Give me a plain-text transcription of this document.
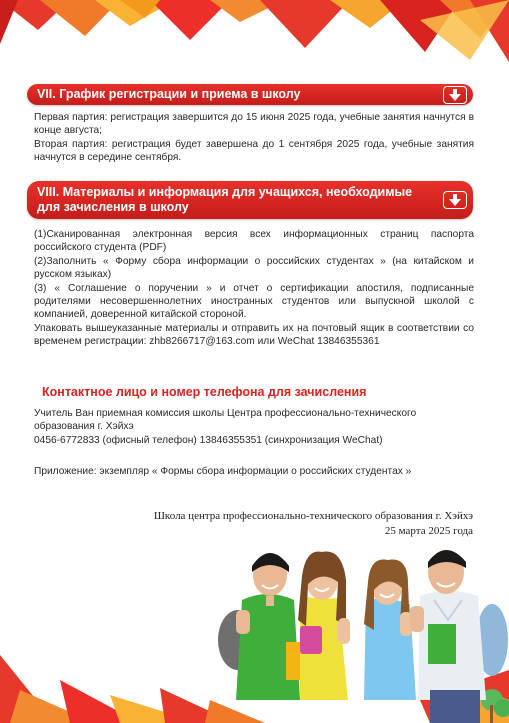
VII. График регистрации и приема в школу

Первая партия: регистрация завершится до 15 июня 2025 года, учебные занятия начнутся в конце августа;

Вторая партия: регистрация будет завершена до 1 сентября 2025 года, учебные занятия начнутся в середине сентября.

VIII. Материалы и информация для учащихся, необходимые для зачисления в школу

(1)Сканированная электронная версия всех информационных страниц паспорта российского студента (PDF)

(2)Заполнить « Форму сбора информации о российских студентах » (на китайском и русском языках)

(3) « Соглашение о поручении » и отчет о сертификации апостиля, подписанные родителями несовершеннолетних иностранных студентов или выпускной школой с компанией, доверенной китайской стороной.

Упаковать вышеуказанные материалы и отправить их на почтовый ящик в соответствии со временем регистрации: zhb8266717@163.com или WeChat 13846355361

Контактное лицо и номер телефона для зачисления

Учитель Ван приемная комиссия школы Центра профессионально-технического образования г. Хэйхэ

0456-6772833 (офисный телефон) 13846355351 (синхронизация WeChat)

Приложение: экземпляр « Формы сбора информации о российских студентах »

Школа центра профессионально-технического образования г. Хэйхэ
25 марта 2025 года
